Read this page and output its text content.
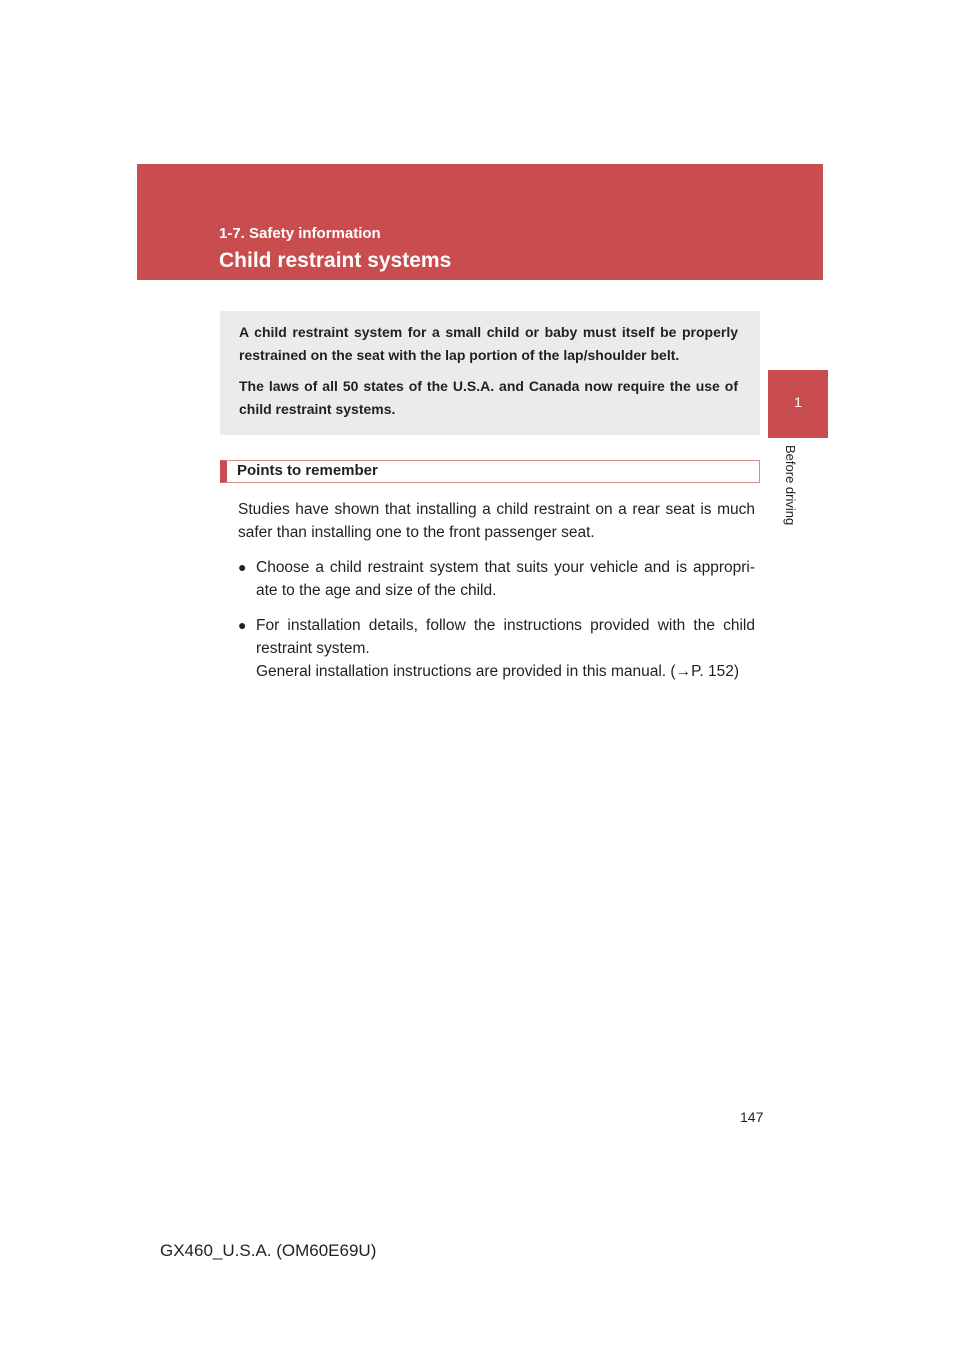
1-7. Safety information
Child restraint systems
1
Before driving

A child restraint system for a small child or baby must itself be properly restrained on the seat with the lap portion of the lap/shoulder belt.

The laws of all 50 states of the U.S.A. and Canada now require the use of child restraint systems.

Points to remember

Studies have shown that installing a child restraint on a rear seat is much safer than installing one to the front passenger seat.

● Choose a child restraint system that suits your vehicle and is appropri-ate to the age and size of the child.
● For installation details, follow the instructions provided with the child restraint system.
General installation instructions are provided in this manual. (→P. 152)
147
GX460_U.S.A. (OM60E69U)
